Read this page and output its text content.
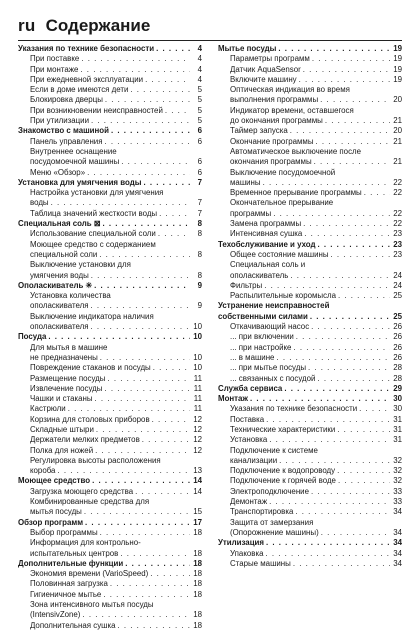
ru Содержание
Указания по технике безопасности . . .	4
При поставке . . .	4
При монтаже . . .	4
При ежедневной эксплуатации . . .	4
Если в доме имеются дети . . .	5
Блокировка дверцы . . .	5
При возникновении неисправностей . . .	5
При утилизации . . .	5
Знакомство с машиной . . .	6
Панель управления . . .	6
Внутреннее оснащение
посудомоечной машины . . .	6
Меню «Обзор» . . .	6
Установка для умягчения воды . . .	7
Настройка установки для умягчения
воды . . .	7
Таблица значений жесткости воды . . .	7
Специальная соль ⊠ . . .	8
Использование специальной соли . . .	8
Моющее средство с содержанием
специальной соли . . .	8
Выключение установки для
умягчения воды . . .	8
Ополаскиватель ✳ . . .	9
Установка количества
ополаскивателя . . .	9
Выключение индикатора наличия
ополаскивателя . . .	10
Посуда . . .	10
Для мытья в машине
не предназначены . . .	10
Повреждение стаканов и посуды . . .	10
Размещение посуды . . .	11
Извлечение посуды . . .	11
Чашки и стаканы . . .	11
Кастрюли . . .	11
Корзина для столовых приборов . . .	12
Складные штыри . . .	12
Держатели мелких предметов . . .	12
Полка для ножей . . .	12
Регулировка высоты расположения
короба . . .	13
Моющее средство . . .	14
Загрузка моющего средства . . .	14
Комбинированные средства для
мытья посуды . . .	15
Обзор программ . . .	17
Выбор программы . . .	18
Информация для контрольно-
испытательных центров . . .	18
Дополнительные функции . . .	18
Экономия времени (VarioSpeed) . . .	18
Половинная загрузка . . .	18
Гигиеничное мытье . . .	18
Зона интенсивного мытья посуды
(IntensivZone) . . .	18
Дополнительная сушка . . .	18
Мытье посуды . . .	19
Параметры программ . . .	19
Датчик AquaSensor . . .	19
Включите машину . . .	19
Оптическая индикация во время
выполнения программы . . .	20
Индикатор времени, оставшегося
до окончания программы . . .	21
Таймер запуска . . .	20
Окончание программы . . .	21
Автоматическое выключение после
окончания программы . . .	21
Выключение посудомоечной
машины . . .	22
Временное прерывание программы . . .	22
Окончательное прерывание
программы . . .	22
Замена программы . . .	22
Интенсивная сушка . . .	23
Техобслуживание и уход . . .	23
Общее состояние машины . . .	23
Специальная соль и
ополаскиватель . . .	24
Фильтры . . .	24
Распылительные коромысла . . .	25
Устранение неисправностей
собственными силами . . .	25
Откачивающий насос . . .	26
... при включении . . .	26
... при настройке . . .	26
... в машине . . .	26
... при мытье посуды . . .	28
... связанных с посудой . . .	28
Служба сервиса . . .	29
Монтаж . . .	30
Указания по технике безопасности . . .	30
Поставка . . .	31
Технические характеристики . . .	31
Установка . . .	31
Подключение к системе
канализации . . .	32
Подключение к водопроводу . . .	32
Подключение к горячей воде . . .	32
Электроподключение . . .	33
Демонтаж . . .	33
Транспортировка . . .	34
Защита от замерзания
(Опорожнение машины) . . .	34
Утилизация . . .	34
Упаковка . . .	34
Старые машины . . .	34
